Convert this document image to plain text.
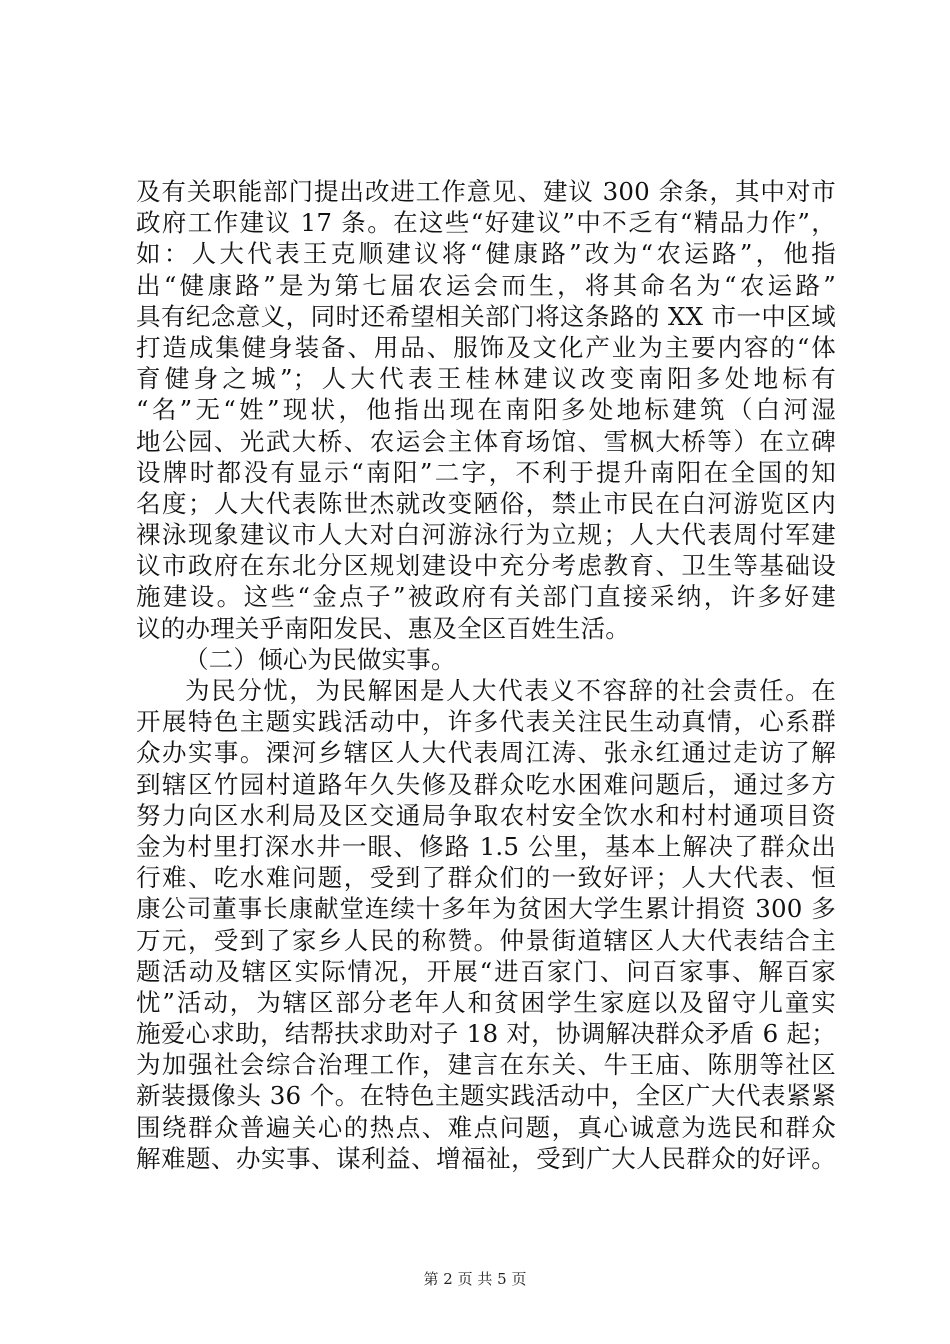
及有关职能部门提出改进工作意见、建议 300 余条，其中对市
政府工作建议 17 条。在这些“好建议”中不乏有“精品力作”，
如：人大代表王克顺建议将“健康路”改为“农运路”，他指
出“健康路”是为第七届农运会而生，将其命名为“农运路”
具有纪念意义，同时还希望相关部门将这条路的 XX 市一中区域
打造成集健身装备、用品、服饰及文化产业为主要内容的“体
育健身之城”；人大代表王桂林建议改变南阳多处地标有
“名”无“姓”现状，他指出现在南阳多处地标建筑（白河湿
地公园、光武大桥、农运会主体育场馆、雪枫大桥等）在立碑
设牌时都没有显示“南阳”二字，不利于提升南阳在全国的知
名度；人大代表陈世杰就改变陋俗，禁止市民在白河游览区内
裸泳现象建议市人大对白河游泳行为立规；人大代表周付军建
议市政府在东北分区规划建设中充分考虑教育、卫生等基础设
施建设。这些“金点子”被政府有关部门直接采纳，许多好建
议的办理关乎南阳发民、惠及全区百姓生活。
（二）倾心为民做实事。
为民分忧，为民解困是人大代表义不容辞的社会责任。在
开展特色主题实践活动中，许多代表关注民生动真情，心系群
众办实事。溧河乡辖区人大代表周江涛、张永红通过走访了解
到辖区竹园村道路年久失修及群众吃水困难问题后，通过多方
努力向区水利局及区交通局争取农村安全饮水和村村通项目资
金为村里打深水井一眼、修路 1.5 公里，基本上解决了群众出
行难、吃水难问题，受到了群众们的一致好评；人大代表、恒
康公司董事长康献堂连续十多年为贫困大学生累计捐资 300 多
万元，受到了家乡人民的称赞。仲景街道辖区人大代表结合主
题活动及辖区实际情况，开展“进百家门、问百家事、解百家
忧”活动，为辖区部分老年人和贫困学生家庭以及留守儿童实
施爱心求助，结帮扶求助对子 18 对，协调解决群众矛盾 6 起；
为加强社会综合治理工作，建言在东关、牛王庙、陈朋等社区
新装摄像头 36 个。在特色主题实践活动中，全区广大代表紧紧
围绕群众普遍关心的热点、难点问题，真心诚意为选民和群众
解难题、办实事、谋利益、增福祉，受到广大人民群众的好评。
第 2 页 共 5 页
